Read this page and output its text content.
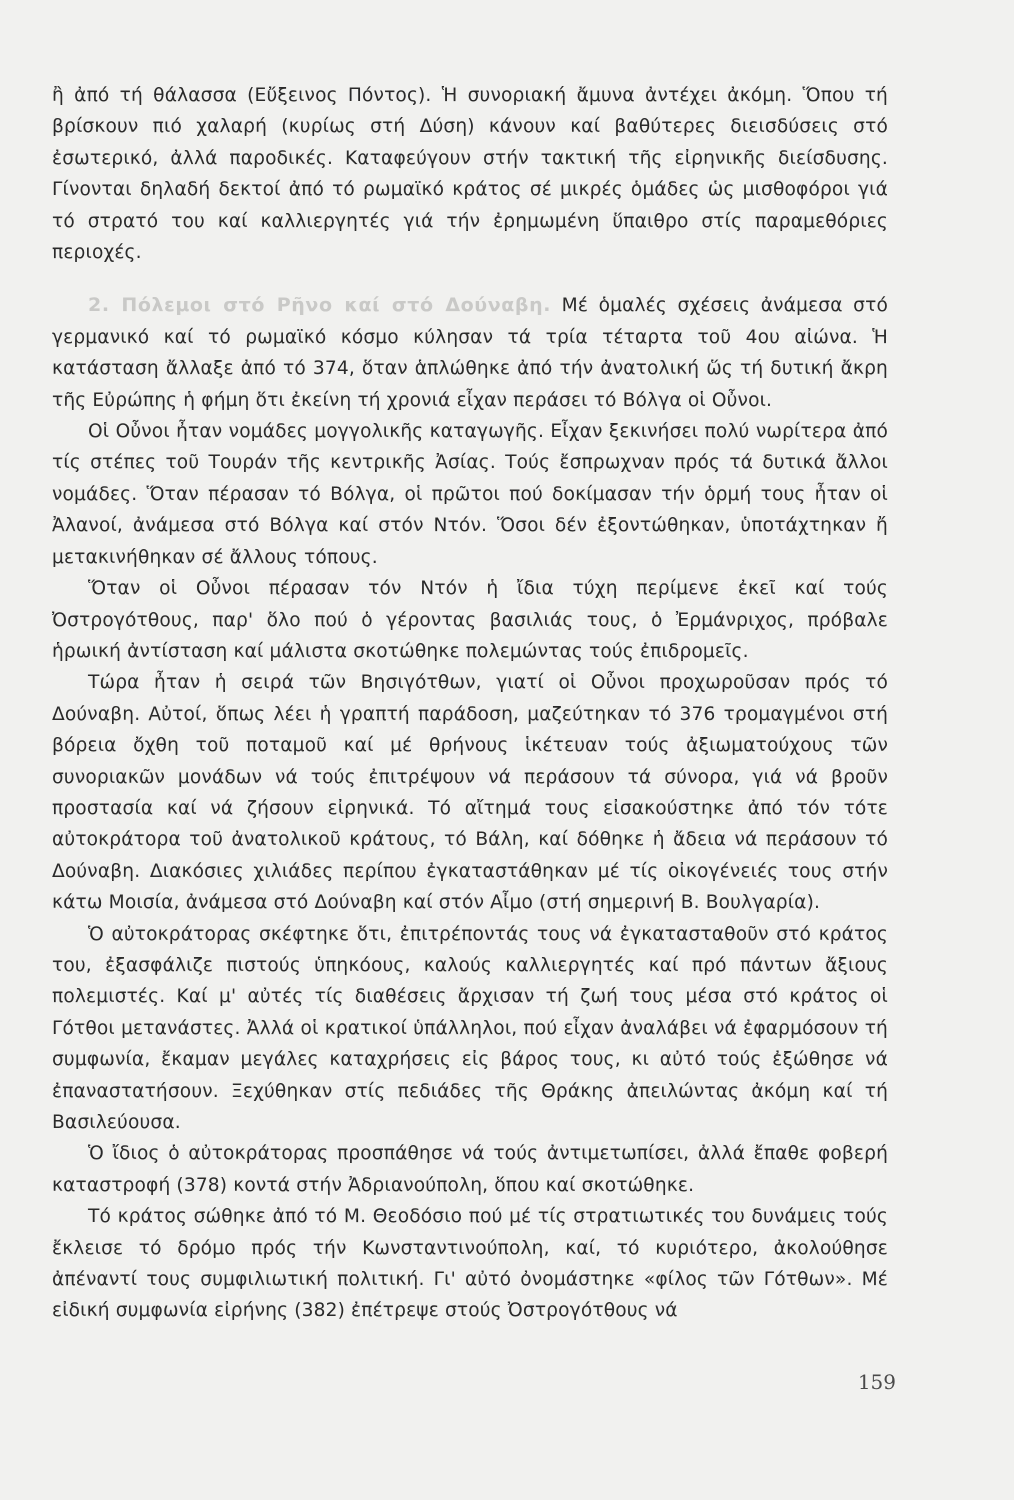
ἢ ἀπό τή θάλασσα (Εὔξεινος Πόντος). Ἡ συνοριακή ἄμυνα ἀντέχει ἀκόμη. Ὅπου τή βρίσκουν πιό χαλαρή (κυρίως στή Δύση) κάνουν καί βαθύτερες διεισδύσεις στό ἐσωτερικό, ἀλλά παροδικές. Καταφεύγουν στήν τακτική τῆς εἰρηνικῆς διείσδυσης. Γίνονται δηλαδή δεκτοί ἀπό τό ρωμαϊκό κράτος σέ μικρές ὁμάδες ὡς μισθοφόροι γιά τό στρατό του καί καλλιεργητές γιά τήν ἐρημωμένη ὕπαιθρο στίς παραμεθόριες περιοχές.

2. Πόλεμοι στό Ρῆνο καί στό Δούναβη. Μέ ὁμαλές σχέσεις ἀνάμεσα στό γερμανικό καί τό ρωμαϊκό κόσμο κύλησαν τά τρία τέταρτα τοῦ 4ου αἰώνα. Ἡ κατάσταση ἄλλαξε ἀπό τό 374, ὅταν ἁπλώθηκε ἀπό τήν ἀνατολική ὥς τή δυτική ἄκρη τῆς Εὐρώπης ἡ φήμη ὅτι ἐκείνη τή χρονιά εἶχαν περάσει τό Βόλγα οἱ Οὖνοι.

Οἱ Οὖνοι ἦταν νομάδες μογγολικῆς καταγωγῆς. Εἶχαν ξεκινήσει πολύ νωρίτερα ἀπό τίς στέπες τοῦ Τουράν τῆς κεντρικῆς Ἀσίας. Τούς ἔσπρωχναν πρός τά δυτικά ἄλλοι νομάδες. Ὅταν πέρασαν τό Βόλγα, οἱ πρῶτοι πού δοκίμασαν τήν ὁρμή τους ἦταν οἱ Ἀλανοί, ἀνάμεσα στό Βόλγα καί στόν Ντόν. Ὅσοι δέν ἐξοντώθηκαν, ὑποτάχτηκαν ἤ μετακινήθηκαν σέ ἄλλους τόπους.

Ὅταν οἱ Οὖνοι πέρασαν τόν Ντόν ἡ ἴδια τύχη περίμενε ἐκεῖ καί τούς Ὀστρογότθους, παρ' ὅλο πού ὁ γέροντας βασιλιάς τους, ὁ Ἐρμάνριχος, πρόβαλε ἡρωική ἀντίσταση καί μάλιστα σκοτώθηκε πολεμώντας τούς ἐπιδρομεῖς.

Τώρα ἦταν ἡ σειρά τῶν Βησιγότθων, γιατί οἱ Οὖνοι προχωροῦσαν πρός τό Δούναβη. Αὐτοί, ὅπως λέει ἡ γραπτή παράδοση, μαζεύτηκαν τό 376 τρομαγμένοι στή βόρεια ὄχθη τοῦ ποταμοῦ καί μέ θρήνους ἱκέτευαν τούς ἀξιωματούχους τῶν συνοριακῶν μονάδων νά τούς ἐπιτρέψουν νά περάσουν τά σύνορα, γιά νά βροῦν προστασία καί νά ζήσουν εἰρηνικά. Τό αἴτημά τους εἰσακούστηκε ἀπό τόν τότε αὐτοκράτορα τοῦ ἀνατολικοῦ κράτους, τό Βάλη, καί δόθηκε ἡ ἄδεια νά περάσουν τό Δούναβη. Διακόσιες χιλιάδες περίπου ἐγκαταστάθηκαν μέ τίς οἰκογένειές τους στήν κάτω Μοισία, ἀνάμεσα στό Δούναβη καί στόν Αἶμο (στή σημερινή Β. Βουλγαρία).

Ὁ αὐτοκράτορας σκέφτηκε ὅτι, ἐπιτρέποντάς τους νά ἐγκατασταθοῦν στό κράτος του, ἐξασφάλιζε πιστούς ὑπηκόους, καλούς καλλιεργητές καί πρό πάντων ἄξιους πολεμιστές. Καί μ' αὐτές τίς διαθέσεις ἄρχισαν τή ζωή τους μέσα στό κράτος οἱ Γότθοι μετανάστες. Ἀλλά οἱ κρατικοί ὑπάλληλοι, πού εἶχαν ἀναλάβει νά ἐφαρμόσουν τή συμφωνία, ἔκαμαν μεγάλες καταχρήσεις εἰς βάρος τους, κι αὐτό τούς ἐξώθησε νά ἐπαναστατήσουν. Ξεχύθηκαν στίς πεδιάδες τῆς Θράκης ἀπειλώντας ἀκόμη καί τή Βασιλεύουσα.

Ὁ ἴδιος ὁ αὐτοκράτορας προσπάθησε νά τούς ἀντιμετωπίσει, ἀλλά ἔπαθε φοβερή καταστροφή (378) κοντά στήν Ἀδριανούπολη, ὅπου καί σκοτώθηκε.

Τό κράτος σώθηκε ἀπό τό Μ. Θεοδόσιο πού μέ τίς στρατιωτικές του δυνάμεις τούς ἔκλεισε τό δρόμο πρός τήν Κωνσταντινούπολη, καί, τό κυριότερο, ἀκολούθησε ἀπέναντί τους συμφιλιωτική πολιτική. Γι' αὐτό ὀνομάστηκε «φίλος τῶν Γότθων». Μέ εἰδική συμφωνία εἰρήνης (382) ἐπέτρεψε στούς Ὀστρογότθους νά

159
